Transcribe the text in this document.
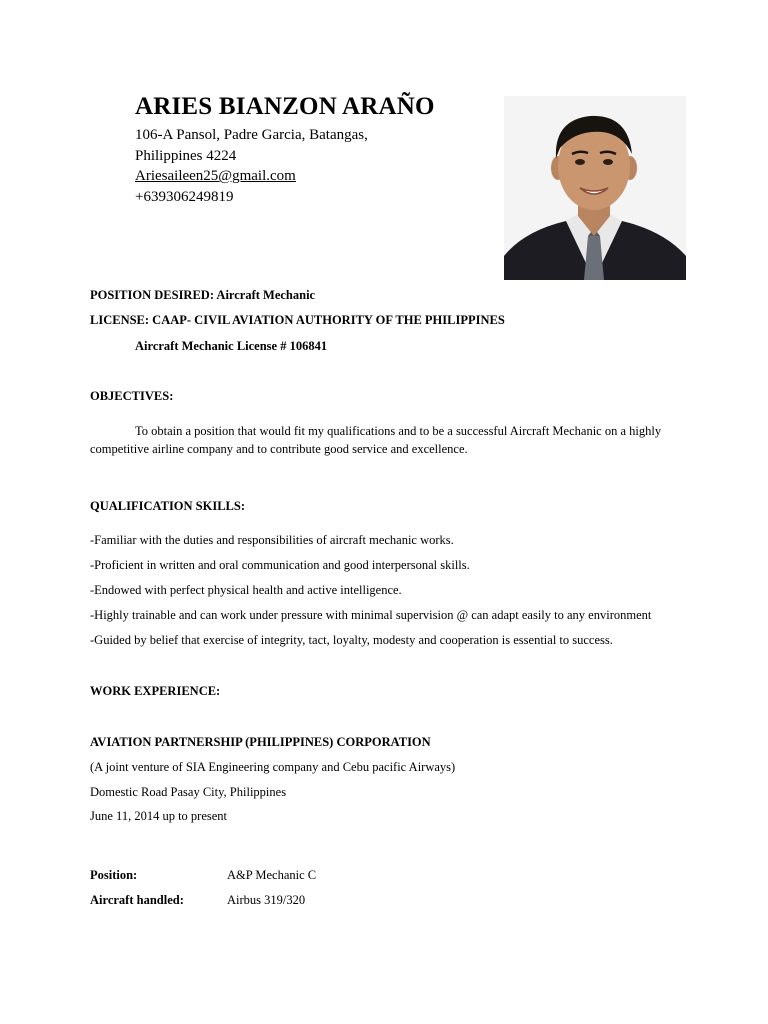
ARIES BIANZON ARAÑO
106-A Pansol, Padre Garcia, Batangas,
Philippines 4224
Ariesaileen25@gmail.com
+639306249819
POSITION DESIRED: Aircraft Mechanic
LICENSE: CAAP- CIVIL AVIATION AUTHORITY OF THE PHILIPPINES
Aircraft Mechanic License # 106841
OBJECTIVES:
To obtain a position that would fit my qualifications and to be a successful Aircraft Mechanic on a highly competitive airline company and to contribute good service and excellence.
QUALIFICATION SKILLS:
-Familiar with the duties and responsibilities of aircraft mechanic works.
-Proficient in written and oral communication and good interpersonal skills.
-Endowed with perfect physical health and active intelligence.
-Highly trainable and can work under pressure with minimal supervision @ can adapt easily to any environment
-Guided by belief that exercise of integrity, tact, loyalty, modesty and cooperation is essential to success.
WORK EXPERIENCE:
AVIATION PARTNERSHIP (PHILIPPINES) CORPORATION
(A joint venture of SIA Engineering company and Cebu pacific Airways)
Domestic Road Pasay City, Philippines
June 11, 2014 up to present
Position:	A&P Mechanic C
Aircraft handled:	Airbus 319/320
